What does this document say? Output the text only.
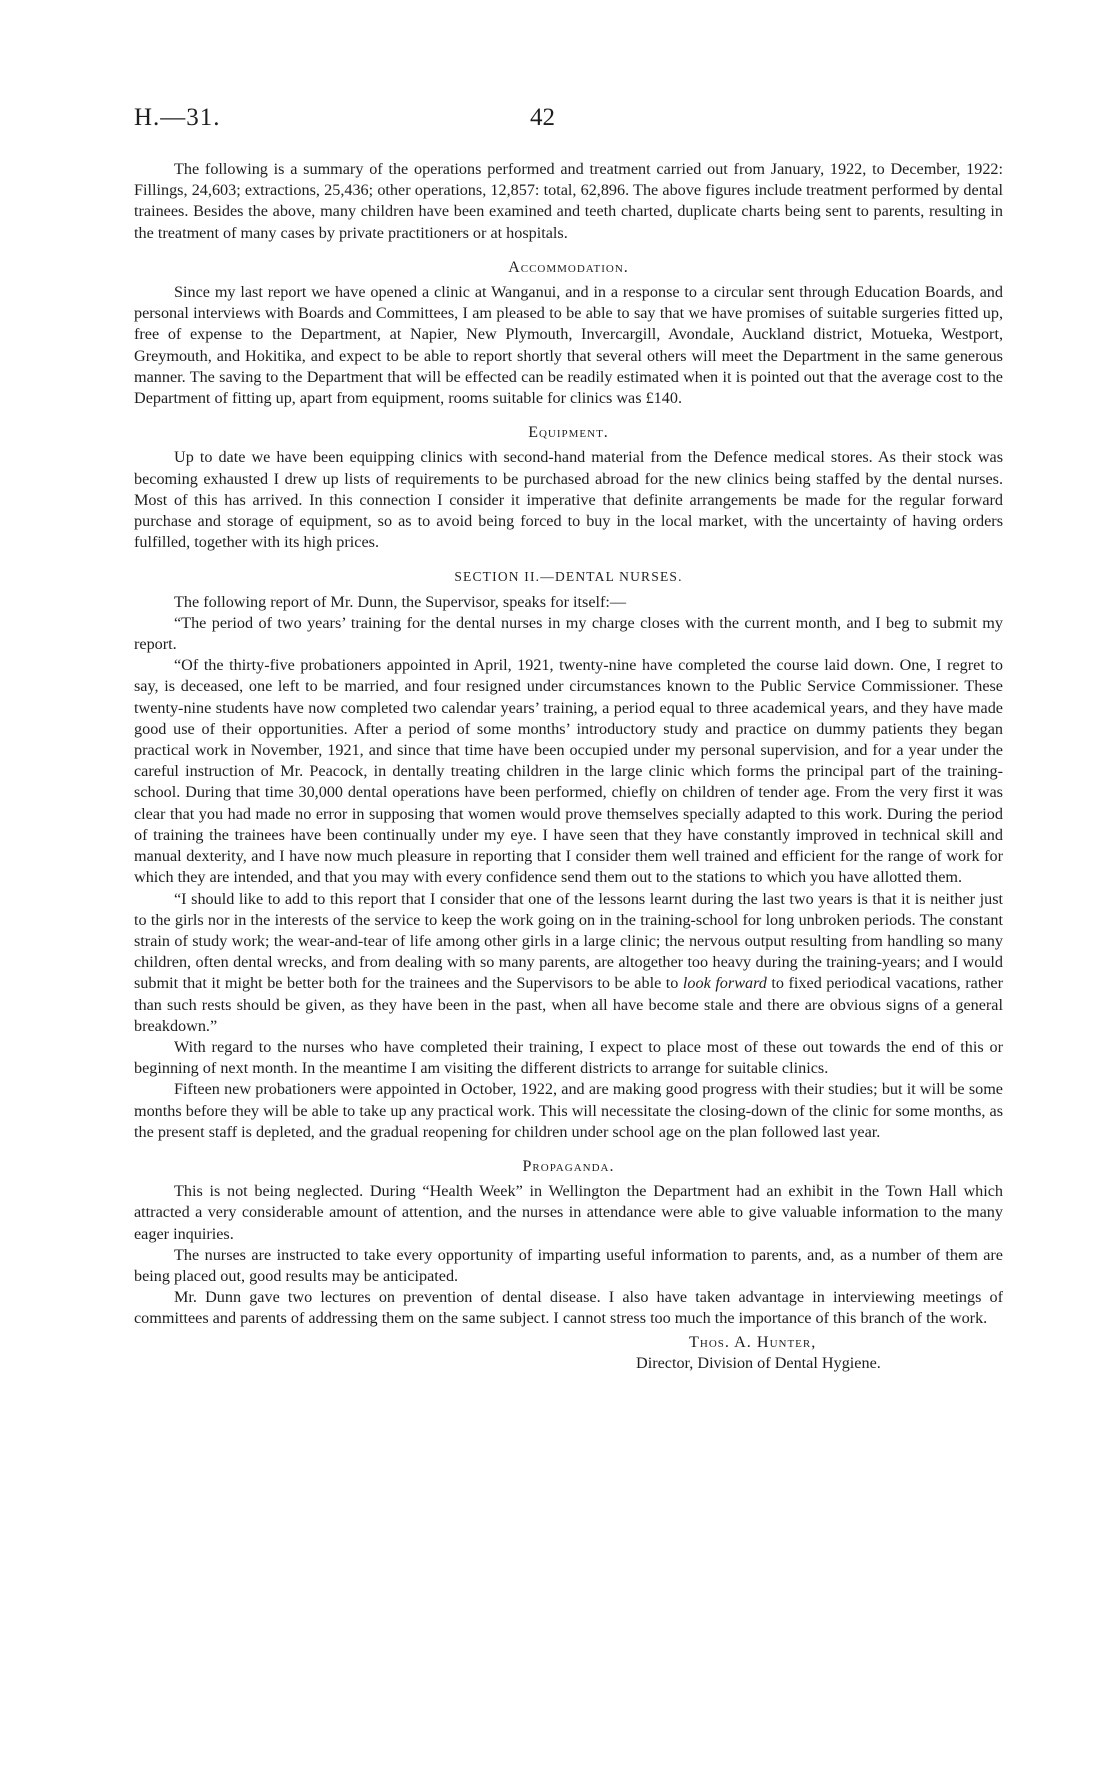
H.—31.	42

The following is a summary of the operations performed and treatment carried out from January, 1922, to December, 1922: Fillings, 24,603; extractions, 25,436; other operations, 12,857: total, 62,896. The above figures include treatment performed by dental trainees. Besides the above, many children have been examined and teeth charted, duplicate charts being sent to parents, resulting in the treatment of many cases by private practitioners or at hospitals.

Accommodation.

Since my last report we have opened a clinic at Wanganui, and in a response to a circular sent through Education Boards, and personal interviews with Boards and Committees, I am pleased to be able to say that we have promises of suitable surgeries fitted up, free of expense to the Department, at Napier, New Plymouth, Invercargill, Avondale, Auckland district, Motueka, Westport, Greymouth, and Hokitika, and expect to be able to report shortly that several others will meet the Department in the same generous manner. The saving to the Department that will be effected can be readily estimated when it is pointed out that the average cost to the Department of fitting up, apart from equipment, rooms suitable for clinics was £140.

Equipment.

Up to date we have been equipping clinics with second-hand material from the Defence medical stores. As their stock was becoming exhausted I drew up lists of requirements to be purchased abroad for the new clinics being staffed by the dental nurses. Most of this has arrived. In this connection I consider it imperative that definite arrangements be made for the regular forward purchase and storage of equipment, so as to avoid being forced to buy in the local market, with the uncertainty of having orders fulfilled, together with its high prices.

SECTION II.—DENTAL NURSES.

The following report of Mr. Dunn, the Supervisor, speaks for itself:—

“The period of two years’ training for the dental nurses in my charge closes with the current month, and I beg to submit my report.

“Of the thirty-five probationers appointed in April, 1921, twenty-nine have completed the course laid down. One, I regret to say, is deceased, one left to be married, and four resigned under circumstances known to the Public Service Commissioner. These twenty-nine students have now completed two calendar years’ training, a period equal to three academical years, and they have made good use of their opportunities. After a period of some months’ introductory study and practice on dummy patients they began practical work in November, 1921, and since that time have been occupied under my personal supervision, and for a year under the careful instruction of Mr. Peacock, in dentally treating children in the large clinic which forms the principal part of the training-school. During that time 30,000 dental operations have been performed, chiefly on children of tender age. From the very first it was clear that you had made no error in supposing that women would prove themselves specially adapted to this work. During the period of training the trainees have been continually under my eye. I have seen that they have constantly improved in technical skill and manual dexterity, and I have now much pleasure in reporting that I consider them well trained and efficient for the range of work for which they are intended, and that you may with every confidence send them out to the stations to which you have allotted them.

“I should like to add to this report that I consider that one of the lessons learnt during the last two years is that it is neither just to the girls nor in the interests of the service to keep the work going on in the training-school for long unbroken periods. The constant strain of study work; the wear-and-tear of life among other girls in a large clinic; the nervous output resulting from handling so many children, often dental wrecks, and from dealing with so many parents, are altogether too heavy during the training-years; and I would submit that it might be better both for the trainees and the Supervisors to be able to look forward to fixed periodical vacations, rather than such rests should be given, as they have been in the past, when all have become stale and there are obvious signs of a general breakdown.”

With regard to the nurses who have completed their training, I expect to place most of these out towards the end of this or beginning of next month. In the meantime I am visiting the different districts to arrange for suitable clinics.

Fifteen new probationers were appointed in October, 1922, and are making good progress with their studies; but it will be some months before they will be able to take up any practical work. This will necessitate the closing-down of the clinic for some months, as the present staff is depleted, and the gradual reopening for children under school age on the plan followed last year.

Propaganda.

This is not being neglected. During “Health Week” in Wellington the Department had an exhibit in the Town Hall which attracted a very considerable amount of attention, and the nurses in attendance were able to give valuable information to the many eager inquiries.

The nurses are instructed to take every opportunity of imparting useful information to parents, and, as a number of them are being placed out, good results may be anticipated.

Mr. Dunn gave two lectures on prevention of dental disease. I also have taken advantage in interviewing meetings of committees and parents of addressing them on the same subject. I cannot stress too much the importance of this branch of the work.

Thos. A. Hunter,
Director, Division of Dental Hygiene.
